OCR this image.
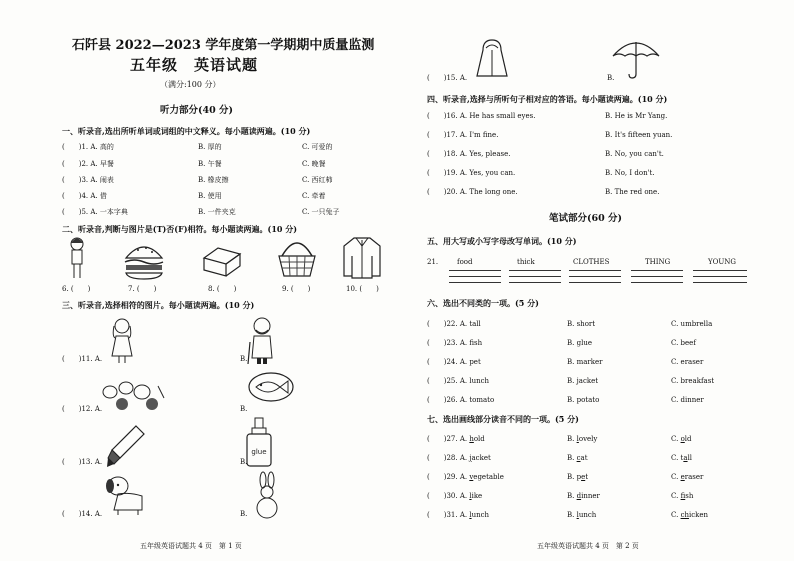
石阡县 2022—2023 学年度第一学期期中质量监测
五年级　英语试题
（满分:100 分）
听力部分(40 分)
一、听录音,选出所听单词或词组的中文释义。每小题读两遍。(10 分)
(　　)1. A. 高的	B. 厚的	C. 可爱的
(　　)2. A. 早餐	B. 午餐	C. 晚餐
(　　)3. A. 闹表	B. 橡皮擦	C. 西红柿
(　　)4. A. 借	B. 使用	C. 牵着
(　　)5. A. 一本字典	B. 一件夹克	C. 一只兔子
二、听录音,判断与图片是(T)否(F)相符。每小题读两遍。(10 分)
6. (　　)	7. (　　)	8. (　　)	9. (　　)	10. (　　)
三、听录音,选择相符的图片。每小题读两遍。(10 分)
(　　)11. A.	B.
(　　)12. A.	B.
(　　)13. A.	B.
glue
(　　)14. A.	B.
五年级英语试题共 4 页　第 1 页
(　　)15. A.	B.
四、听录音,选择与所听句子相对应的答语。每小题读两遍。(10 分)
(　　)16. A. He has small eyes.	B. He is Mr Yang.
(　　)17. A. I'm fine.	B. It's fifteen yuan.
(　　)18. A. Yes, please.	B. No, you can't.
(　　)19. A. Yes, you can.	B. No, I don't.
(　　)20. A. The long one.	B. The red one.
笔试部分(60 分)
五、用大写或小写字母改写单词。(10 分)
21.	food	thick	CLOTHES	THING	YOUNG
六、选出不同类的一项。(5 分)
(　　)22. A. tall	B. short	C. umbrella
(　　)23. A. fish	B. glue	C. beef
(　　)24. A. pet	B. marker	C. eraser
(　　)25. A. lunch	B. jacket	C. breakfast
(　　)26. A. tomato	B. potato	C. dinner
七、选出画线部分读音不同的一项。(5 分)
(　　)27. A. hold	B. lovely	C. old
(　　)28. A. jacket	B. cat	C. tall
(　　)29. A. vegetable	B. pet	C. eraser
(　　)30. A. like	B. dinner	C. fish
(　　)31. A. lunch	B. lunch	C. chicken
五年级英语试题共 4 页　第 2 页
